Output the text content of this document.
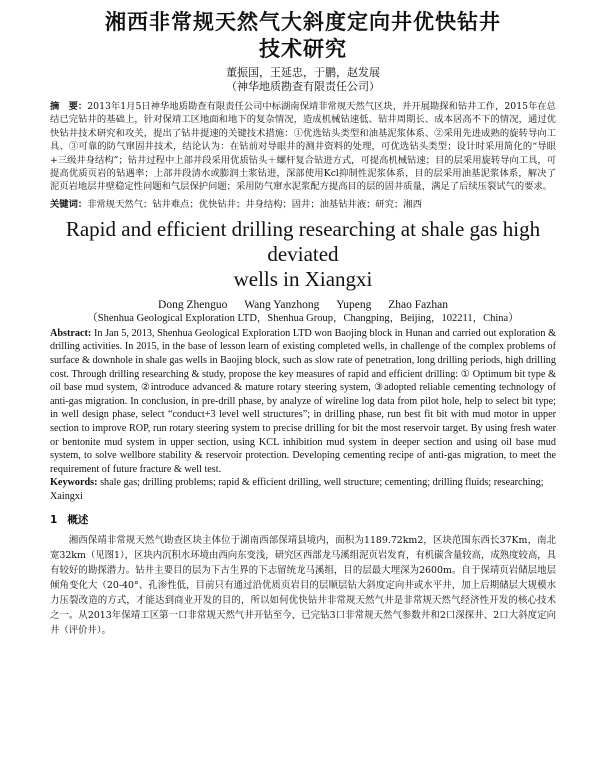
湘西非常规天然气大斜度定向井优快钻井
技术研究
董振国，王延忠，于鹏，赵发展
（神华地质勘查有限责任公司）

摘　要：2013年1月5日神华地质勘查有限责任公司中标湖南保靖非常规天然气区块，并开展勘探和钻井工作，2015年在总结已完钻井的基础上，针对保靖工区地面和地下的复杂情况，造成机械钻速低、钻井周期长、成本居高不下的情况，通过优快钻井技术研究和攻关，提出了钻井提速的关键技术措施：①优选钻头类型和油基泥浆体系、②采用先进成熟的旋转导向工具、③可靠的防气窜固井技术，结论认为：在钻前对导眼井的测井资料的处理，可优选钻头类型；设计时采用简化的“导眼+三级井身结构”；钻井过程中上部井段采用优质钻头＋螺杆复合钻进方式，可提高机械钻速；目的层采用旋转导向工具，可提高优质页岩的钻遇率；上部井段清水或膨润土浆钻进，深部使用Kcl抑制性泥浆体系，目的层采用油基泥浆体系，解决了泥页岩地层井壁稳定性问题和气层保护问题；采用防气窜水泥浆配方提高目的层的固井质量，满足了后续压裂试气的要求。

关键词：非常规天然气；钻井难点；优快钻井；井身结构；固井；油基钻井液；研究；湘西
Rapid and efficient drilling researching at shale gas high deviated
wells in Xiangxi
Dong Zhenguo Wang Yanzhong Yupeng Zhao Fazhan
（Shenhua Geological Exploration LTD，Shenhua Group，Changping，Beijing，102211，China）

Abstract: In Jan 5, 2013, Shenhua Geological Exploration LTD won Baojing block in Hunan and carried out exploration & drilling activities. In 2015, in the base of lesson learn of existing completed wells, in challenge of the complex problems of surface & downhole in shale gas wells in Baojing block, such as slow rate of penetration, long drilling periods, high drilling cost. Through drilling researching & study, propose the key measures of rapid and efficient drilling: ① Optimum bit type & oil base mud system, ②introduce advanced & mature rotary steering system, ③adopted reliable cementing technology of anti-gas migration. In conclusion, in pre-drill phase, by analyze of wireline log data from pilot hole, help to select bit type; in well design phase, select “conduct+3 level well structures”; in drilling phase, run best fit bit with mud motor in upper section to improve ROP, run rotary steering system to precise drilling for bit the most reservoir target. By using fresh water or bentonite mud system in upper section, using KCL inhibition mud system in deeper section and using oil base mud system, to solve wellbore stability & reservoir protection. Developing cementing recipe of anti-gas migration, to meet the requirement of future fracture & well test.

Keywords: shale gas; drilling problems; rapid & efficient drilling, well structure; cementing; drilling fluids; researching; Xaingxi
1 概述

湘西保靖非常规天然气勘查区块主体位于湖南西部保靖县境内，面积为1189.72km2，区块范围东西长37Km，南北宽32km（见图1），区块内沉积水环境由西向东变浅，研究区西部龙马溪组泥页岩发育，有机碳含量较高，成熟度较高，具有较好的勘探潜力。钻井主要目的层为下古生界的下志留统龙马溪组，目的层最大埋深为2600m。自于保靖页岩储层地层倾角变化大（20-40°、孔渗性低，目前只有通过沿优质页岩目的层顺层钻大斜度定向井或水平井，加上后期储层大规模水力压裂改造的方式，才能达到商业开发的目的，所以如何优快钻井非常规天然气井是非常规天然气经济性开发的核心技术之一。从2013年保靖工区第一口非常规天然气井开钻至今，已完钻3口非常规天然气参数井和2口深探井、2口大斜度定向井（评价井）。
